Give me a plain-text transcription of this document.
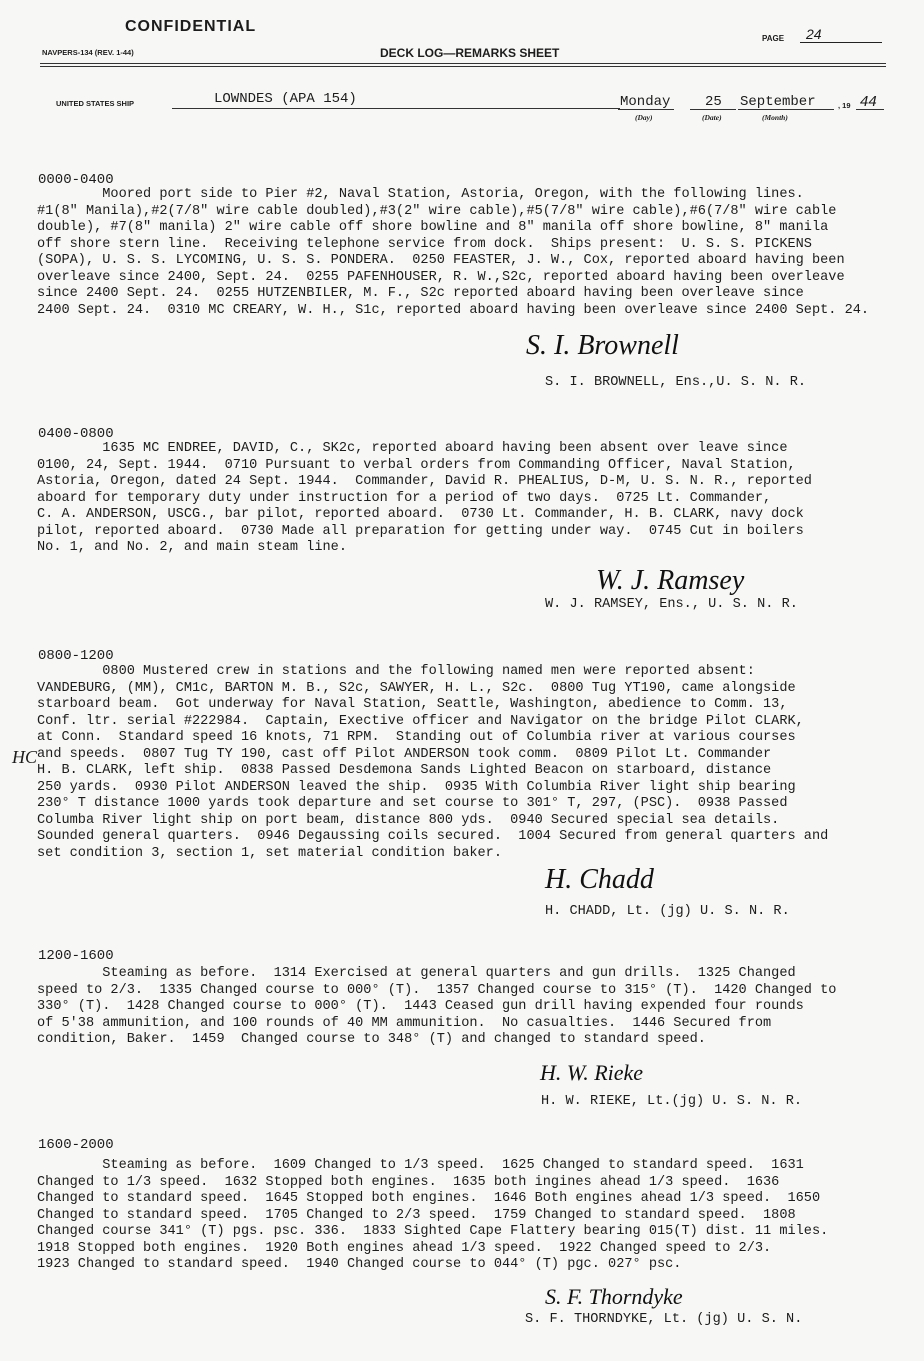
CONFIDENTIAL
NAVPERS-134 (REV. 1-44)	DECK LOG—REMARKS SHEET
PAGE 24
UNITED STATES SHIP	LOWNDES (APA 154)	Monday
(Day)
25
(Date)
September
(Month)
, 19 44
0000-0400
Moored port side to Pier #2, Naval Station, Astoria, Oregon, with the following lines.
#1(8" Manila),#2(7/8" wire cable doubled),#3(2" wire cable),#5(7/8" wire cable),#6(7/8" wire cable
double), #7(8" manila) 2" wire cable off shore bowline and 8" manila off shore bowline, 8" manila
off shore stern line.  Receiving telephone service from dock.  Ships present:  U. S. S. PICKENS
(SOPA), U. S. S. LYCOMING, U. S. S. PONDERA.  0250 FEASTER, J. W., Cox, reported aboard having been
overleave since 2400, Sept. 24.  0255 PAFENHOUSER, R. W.,S2c, reported aboard having been overleave
since 2400 Sept. 24.  0255 HUTZENBILER, M. F., S2c reported aboard having been overleave since
2400 Sept. 24.  0310 MC CREARY, W. H., S1c, reported aboard having been overleave since 2400 Sept. 24.
S. I. Brownell
S. I. BROWNELL, Ens.,U. S. N. R.
0400-0800
1635 MC ENDREE, DAVID, C., SK2c, reported aboard having been absent over leave since
0100, 24, Sept. 1944.  0710 Pursuant to verbal orders from Commanding Officer, Naval Station,
Astoria, Oregon, dated 24 Sept. 1944.  Commander, David R. PHEALIUS, D-M, U. S. N. R., reported
aboard for temporary duty under instruction for a period of two days.  0725 Lt. Commander,
C. A. ANDERSON, USCG., bar pilot, reported aboard.  0730 Lt. Commander, H. B. CLARK, navy dock
pilot, reported aboard.  0730 Made all preparation for getting under way.  0745 Cut in boilers
No. 1, and No. 2, and main steam line.
W. J. Ramsey
W. J. RAMSEY, Ens., U. S. N. R.
0800-1200
0800 Mustered crew in stations and the following named men were reported absent:
VANDEBURG, (MM), CM1c, BARTON M. B., S2c, SAWYER, H. L., S2c.  0800 Tug YT190, came alongside
starboard beam.  Got underway for Naval Station, Seattle, Washington, abedience to Comm. 13,
Conf. ltr. serial #222984.  Captain, Exective officer and Navigator on the bridge Pilot CLARK,
at Conn.  Standard speed 16 knots, 71 RPM.  Standing out of Columbia river at various courses
and speeds.  0807 Tug TY 190, cast off Pilot ANDERSON took comm.  0809 Pilot Lt. Commander
H. B. CLARK, left ship.  0838 Passed Desdemona Sands Lighted Beacon on starboard, distance
250 yards.  0930 Pilot ANDERSON leaved the ship.  0935 With Columbia River light ship bearing
230° T distance 1000 yards took departure and set course to 301° T, 297, (PSC).  0938 Passed
Columba River light ship on port beam, distance 800 yds.  0940 Secured special sea details.
Sounded general quarters.  0946 Degaussing coils secured.  1004 Secured from general quarters and
set condition 3, section 1, set material condition baker.
HC
H. Chadd
H. CHADD, Lt. (jg) U. S. N. R.
1200-1600
Steaming as before.  1314 Exercised at general quarters and gun drills.  1325 Changed
speed to 2/3.  1335 Changed course to 000° (T).  1357 Changed course to 315° (T).  1420 Changed to
330° (T).  1428 Changed course to 000° (T).  1443 Ceased gun drill having expended four rounds
of 5'38 ammunition, and 100 rounds of 40 MM ammunition.  No casualties.  1446 Secured from
condition, Baker.  1459  Changed course to 348° (T) and changed to standard speed.
H. W. Rieke
H. W. RIEKE, Lt.(jg) U. S. N. R.
1600-2000
Steaming as before.  1609 Changed to 1/3 speed.  1625 Changed to standard speed.  1631
Changed to 1/3 speed.  1632 Stopped both engines.  1635 both ingines ahead 1/3 speed.  1636
Changed to standard speed.  1645 Stopped both engines.  1646 Both engines ahead 1/3 speed.  1650
Changed to standard speed.  1705 Changed to 2/3 speed.  1759 Changed to standard speed.  1808
Changed course 341° (T) pgs. psc. 336.  1833 Sighted Cape Flattery bearing 015(T) dist. 11 miles.
1918 Stopped both engines.  1920 Both engines ahead 1/3 speed.  1922 Changed speed to 2/3.
1923 Changed to standard speed.  1940 Changed course to 044° (T) pgc. 027° psc.
S. F. Thorndyke
S. F. THORNDYKE, Lt. (jg) U. S. N.
